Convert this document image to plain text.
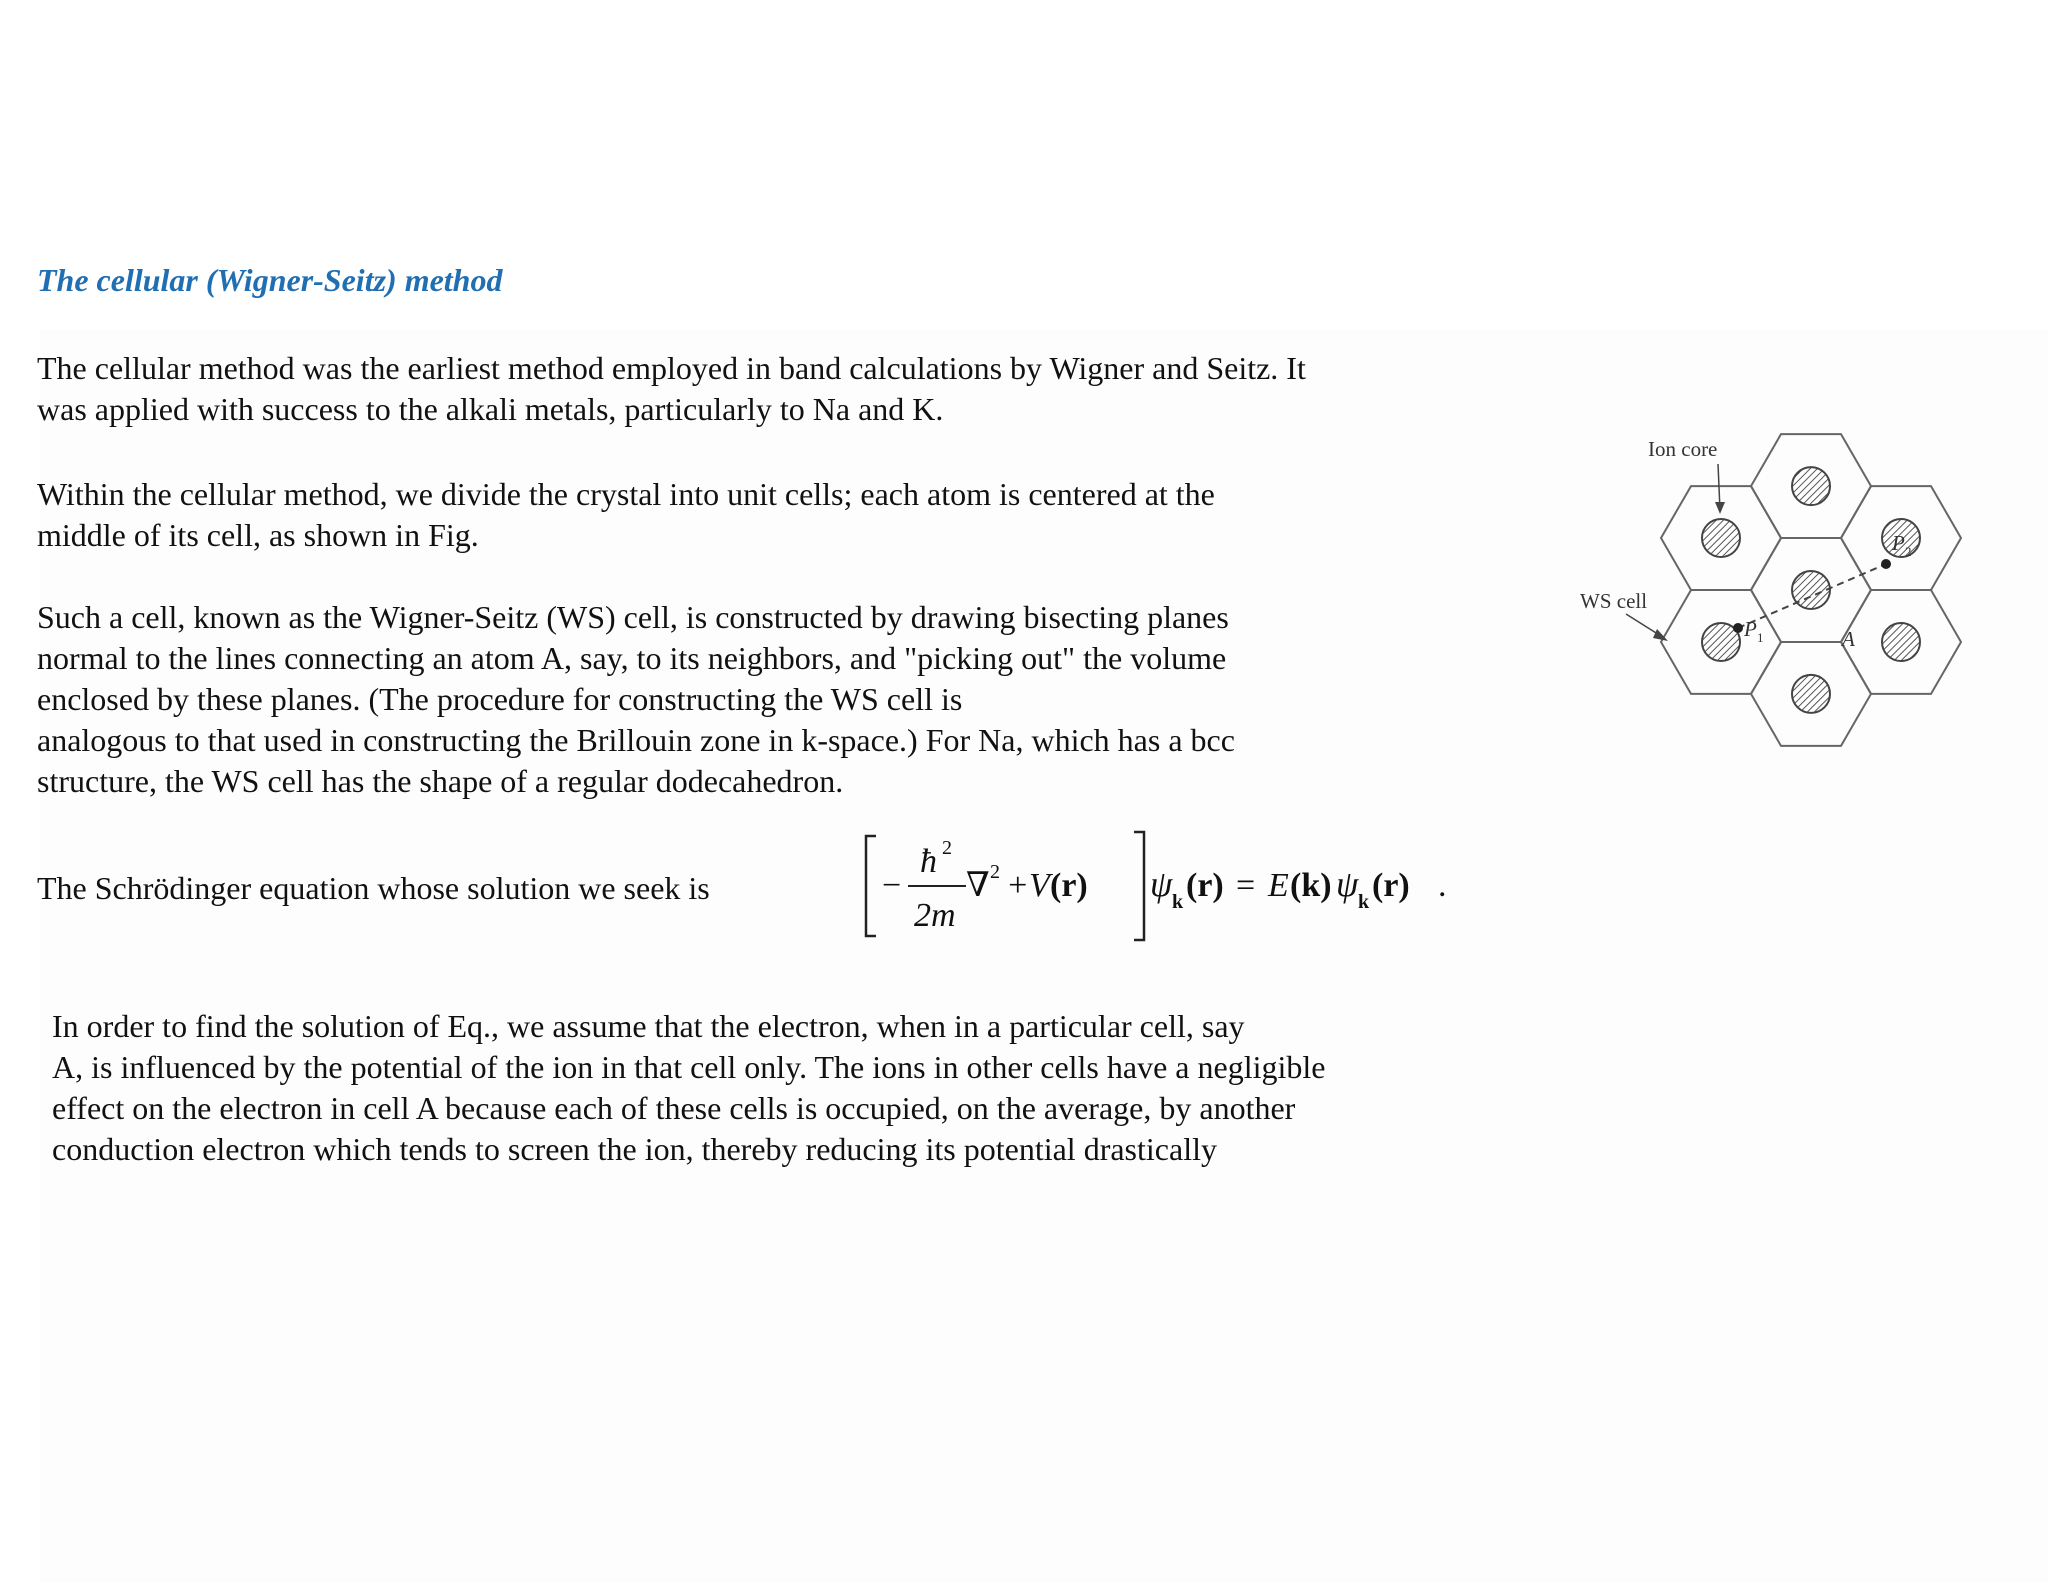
The cellular (Wigner-Seitz) method
The cellular method was the earliest method employed in band calculations by Wigner and Seitz. It
was applied with success to the alkali metals, particularly to Na and K.
Within the cellular method, we divide the crystal into unit cells; each atom is centered at the
middle of its cell, as shown in Fig.
Such a cell, known as the Wigner-Seitz (WS) cell, is constructed by drawing bisecting planes
normal to the lines connecting an atom A, say, to its neighbors, and "picking out" the volume
enclosed by these planes. (The procedure for constructing the WS cell is
analogous to that used in constructing the Brillouin zone in k-space.) For Na, which has a bcc
structure, the WS cell has the shape of a regular dodecahedron.
The Schrödinger equation whose solution we seek is	−
ħ 2
2m
∇ 2 +V (r) ψ k (r) = E (k) ψ k (r) .
In order to find the solution of Eq., we assume that the electron, when in a particular cell, say
A, is influenced by the potential of the ion in that cell only. The ions in other cells have a negligible
effect on the electron in cell A because each of these cells is occupied, on the average, by another
conduction electron which tends to screen the ion, thereby reducing its potential drastically
Ion core
WS cell
P 1
P 2
A
